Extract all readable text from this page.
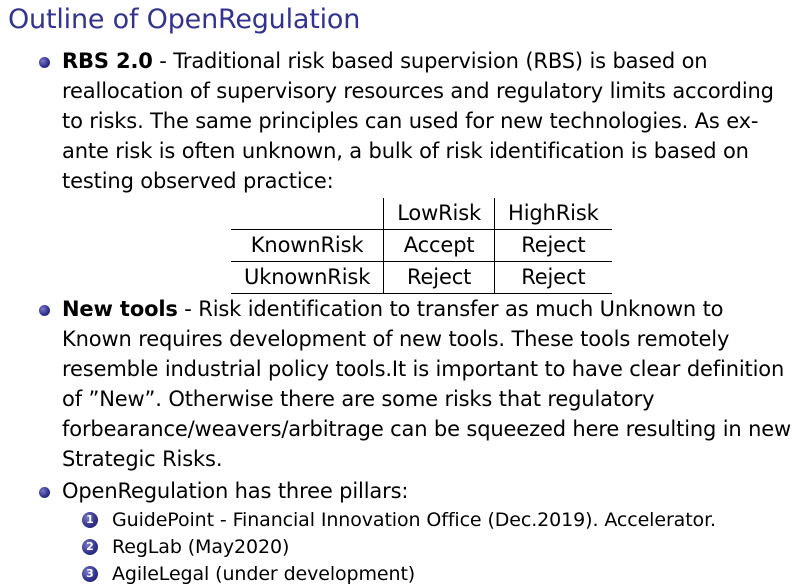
Outline of OpenRegulation
RBS 2.0 - Traditional risk based supervision (RBS) is based on reallocation of supervisory resources and regulatory limits according to risks. The same principles can used for new technologies. As ex-ante risk is often unknown, a bulk of risk identification is based on testing observed practice:
	LowRisk	HighRisk
KnownRisk	Accept	Reject
UknownRisk	Reject	Reject
New tools - Risk identification to transfer as much Unknown to Known requires development of new tools. These tools remotely resemble industrial policy tools.It is important to have clear definition of ”New”. Otherwise there are some risks that regulatory forbearance/weavers/arbitrage can be squeezed here resulting in new Strategic Risks.
OpenRegulation has three pillars:
1 GuidePoint - Financial Innovation Office (Dec.2019). Accelerator.
2 RegLab (May2020)
3 AgileLegal (under development)
